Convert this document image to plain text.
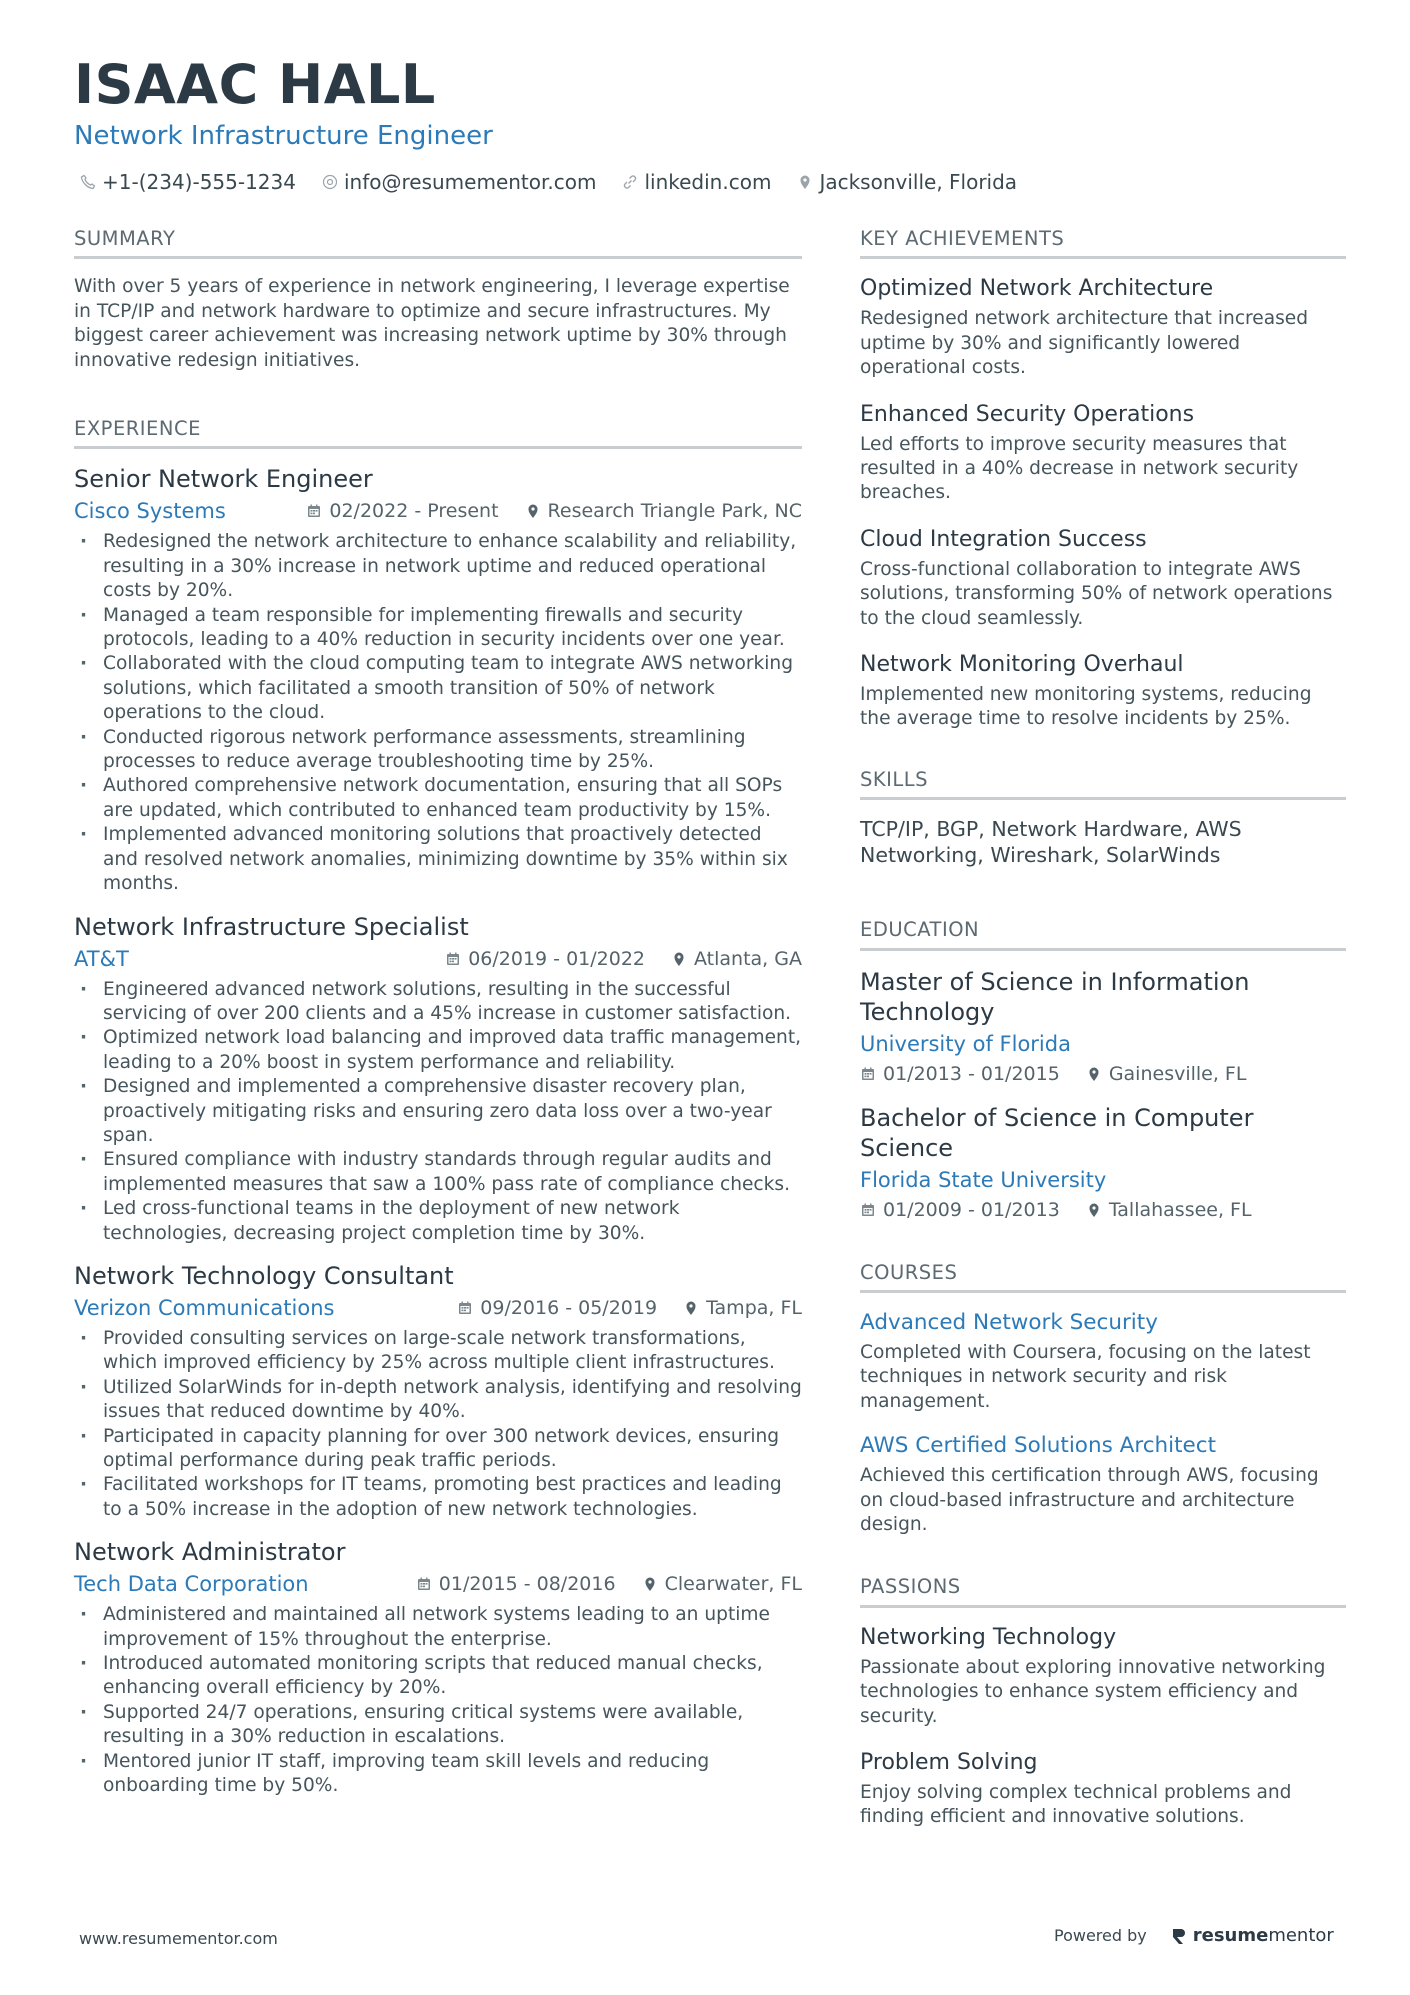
ISAAC HALL
Network Infrastructure Engineer
+1-(234)-555-1234 info@resumementor.com linkedin.com Jacksonville, Florida
SUMMARY

With over 5 years of experience in network engineering, I leverage expertise in TCP/IP and network hardware to optimize and secure infrastructures. My biggest career achievement was increasing network uptime by 30% through innovative redesign initiatives.

EXPERIENCE
Senior Network Engineer
Cisco Systems	02/2022 - Present	Research Triangle Park, NC
· Redesigned the network architecture to enhance scalability and reliability, resulting in a 30% increase in network uptime and reduced operational costs by 20%.
· Managed a team responsible for implementing firewalls and security protocols, leading to a 40% reduction in security incidents over one year.
· Collaborated with the cloud computing team to integrate AWS networking solutions, which facilitated a smooth transition of 50% of network operations to the cloud.
· Conducted rigorous network performance assessments, streamlining processes to reduce average troubleshooting time by 25%.
· Authored comprehensive network documentation, ensuring that all SOPs are updated, which contributed to enhanced team productivity by 15%.
· Implemented advanced monitoring solutions that proactively detected and resolved network anomalies, minimizing downtime by 35% within six months.
Network Infrastructure Specialist
AT&T	06/2019 - 01/2022	Atlanta, GA
· Engineered advanced network solutions, resulting in the successful servicing of over 200 clients and a 45% increase in customer satisfaction.
· Optimized network load balancing and improved data traffic management, leading to a 20% boost in system performance and reliability.
· Designed and implemented a comprehensive disaster recovery plan, proactively mitigating risks and ensuring zero data loss over a two-year span.
· Ensured compliance with industry standards through regular audits and implemented measures that saw a 100% pass rate of compliance checks.
· Led cross-functional teams in the deployment of new network technologies, decreasing project completion time by 30%.
Network Technology Consultant
Verizon Communications	09/2016 - 05/2019	Tampa, FL
· Provided consulting services on large-scale network transformations, which improved efficiency by 25% across multiple client infrastructures.
· Utilized SolarWinds for in-depth network analysis, identifying and resolving issues that reduced downtime by 40%.
· Participated in capacity planning for over 300 network devices, ensuring optimal performance during peak traffic periods.
· Facilitated workshops for IT teams, promoting best practices and leading to a 50% increase in the adoption of new network technologies.
Network Administrator
Tech Data Corporation	01/2015 - 08/2016	Clearwater, FL
· Administered and maintained all network systems leading to an uptime improvement of 15% throughout the enterprise.
· Introduced automated monitoring scripts that reduced manual checks, enhancing overall efficiency by 20%.
· Supported 24/7 operations, ensuring critical systems were available, resulting in a 30% reduction in escalations.
· Mentored junior IT staff, improving team skill levels and reducing onboarding time by 50%.
KEY ACHIEVEMENTS
Optimized Network Architecture

Redesigned network architecture that increased uptime by 30% and significantly lowered operational costs.

Enhanced Security Operations

Led efforts to improve security measures that resulted in a 40% decrease in network security breaches.

Cloud Integration Success

Cross-functional collaboration to integrate AWS solutions, transforming 50% of network operations to the cloud seamlessly.

Network Monitoring Overhaul

Implemented new monitoring systems, reducing the average time to resolve incidents by 25%.

SKILLS

TCP/IP, BGP, Network Hardware, AWS Networking, Wireshark, SolarWinds

EDUCATION
Master of Science in Information Technology
University of Florida
01/2013 - 01/2015	Gainesville, FL
Bachelor of Science in Computer Science
Florida State University
01/2009 - 01/2013	Tallahassee, FL
COURSES
Advanced Network Security

Completed with Coursera, focusing on the latest techniques in network security and risk management.

AWS Certified Solutions Architect

Achieved this certification through AWS, focusing on cloud-based infrastructure and architecture design.

PASSIONS
Networking Technology

Passionate about exploring innovative networking technologies to enhance system efficiency and security.

Problem Solving

Enjoy solving complex technical problems and finding efficient and innovative solutions.

www.resumementor.com	Powered by	resumementor
